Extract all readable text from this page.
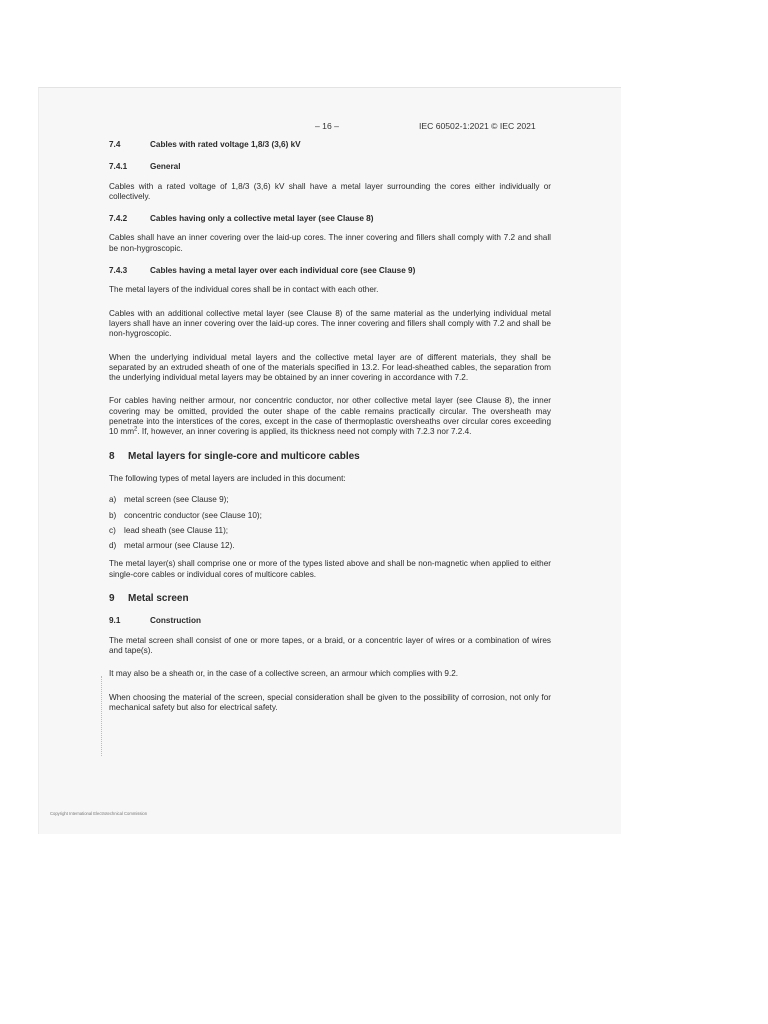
– 16 –	IEC 60502-1:2021 © IEC 2021
7.4	Cables with rated voltage 1,8/3 (3,6) kV
7.4.1	General

Cables with a rated voltage of 1,8/3 (3,6) kV shall have a metal layer surrounding the cores either individually or collectively.

7.4.2	Cables having only a collective metal layer (see Clause 8)

Cables shall have an inner covering over the laid-up cores. The inner covering and fillers shall comply with 7.2 and shall be non-hygroscopic.

7.4.3	Cables having a metal layer over each individual core (see Clause 9)

The metal layers of the individual cores shall be in contact with each other.

Cables with an additional collective metal layer (see Clause 8) of the same material as the underlying individual metal layers shall have an inner covering over the laid-up cores. The inner covering and fillers shall comply with 7.2 and shall be non-hygroscopic.

When the underlying individual metal layers and the collective metal layer are of different materials, they shall be separated by an extruded sheath of one of the materials specified in 13.2. For lead-sheathed cables, the separation from the underlying individual metal layers may be obtained by an inner covering in accordance with 7.2.

For cables having neither armour, nor concentric conductor, nor other collective metal layer (see Clause 8), the inner covering may be omitted, provided the outer shape of the cable remains practically circular. The oversheath may penetrate into the interstices of the cores, except in the case of thermoplastic oversheaths over circular cores exceeding 10 $mm^2$. If, however, an inner covering is applied, its thickness need not comply with 7.2.3 nor 7.2.4.

8	Metal layers for single-core and multicore cables

The following types of metal layers are included in this document:

a) metal screen (see Clause 9);
b) concentric conductor (see Clause 10);
c) lead sheath (see Clause 11);
d) metal armour (see Clause 12).

The metal layer(s) shall comprise one or more of the types listed above and shall be non-magnetic when applied to either single-core cables or individual cores of multicore cables.

9	Metal screen
9.1	Construction

The metal screen shall consist of one or more tapes, or a braid, or a concentric layer of wires or a combination of wires and tape(s).

It may also be a sheath or, in the case of a collective screen, an armour which complies with 9.2.

When choosing the material of the screen, special consideration shall be given to the possibility of corrosion, not only for mechanical safety but also for electrical safety.

Copyright International Electrotechnical Commission
